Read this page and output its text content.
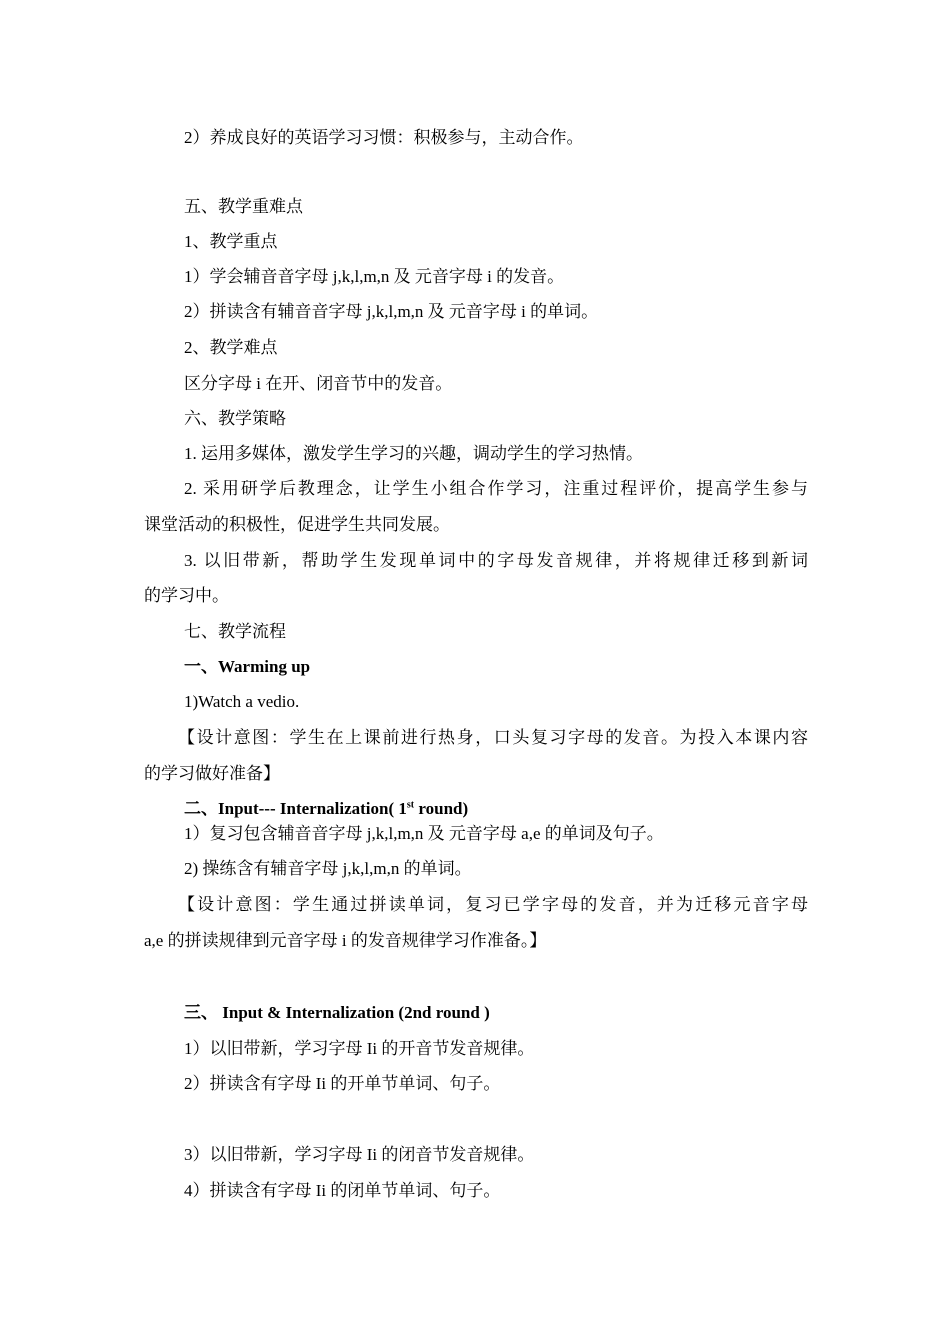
2）养成良好的英语学习习惯：积极参与，主动合作。
五、教学重难点
1、教学重点
1）学会辅音音字母 j,k,l,m,n 及 元音字母 i 的发音。
2）拼读含有辅音音字母 j,k,l,m,n 及 元音字母 i 的单词。
2、教学难点
区分字母 i 在开、闭音节中的发音。
六、教学策略
1. 运用多媒体，激发学生学习的兴趣，调动学生的学习热情。
2. 采用研学后教理念，让学生小组合作学习，注重过程评价，提高学生参与
课堂活动的积极性，促进学生共同发展。
3. 以旧带新，帮助学生发现单词中的字母发音规律，并将规律迁移到新词
的学习中。
七、教学流程
一、Warming up
1)Watch a vedio.
【设计意图：学生在上课前进行热身，口头复习字母的发音。为投入本课内容
的学习做好准备】
二、Input--- Internalization( 1st round)
1）复习包含辅音音字母 j,k,l,m,n 及 元音字母 a,e 的单词及句子。
2) 操练含有辅音字母 j,k,l,m,n 的单词。
【设计意图：学生通过拼读单词，复习已学字母的发音，并为迁移元音字母
a,e 的拼读规律到元音字母 i 的发音规律学习作准备。】
三、 Input & Internalization (2nd round )
1）以旧带新，学习字母 Ii 的开音节发音规律。
2）拼读含有字母 Ii 的开单节单词、句子。
3）以旧带新，学习字母 Ii 的闭音节发音规律。
4）拼读含有字母 Ii 的闭单节单词、句子。
